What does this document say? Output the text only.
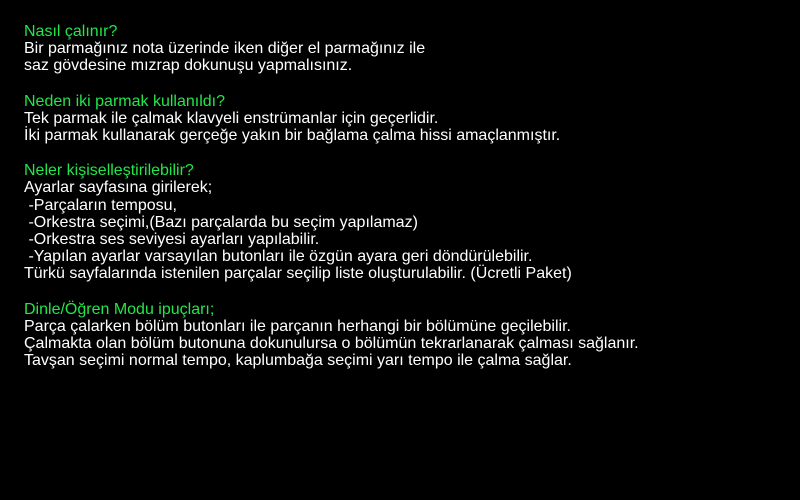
Nasıl çalınır?
Bir parmağınız nota üzerinde iken diğer el parmağınız ile
saz gövdesine mızrap dokunuşu yapmalısınız.
Neden iki parmak kullanıldı?
Tek parmak ile çalmak klavyeli enstrümanlar için geçerlidir.
İki parmak kullanarak gerçeğe yakın bir bağlama çalma hissi amaçlanmıştır.
Neler kişiselleştirilebilir?
Ayarlar sayfasına girilerek;
-Parçaların temposu,
-Orkestra seçimi,(Bazı parçalarda bu seçim yapılamaz)
-Orkestra ses seviyesi ayarları yapılabilir.
-Yapılan ayarlar varsayılan butonları ile özgün ayara geri döndürülebilir.
Türkü sayfalarında istenilen parçalar seçilip liste oluşturulabilir. (Ücretli Paket)
Dinle/Öğren Modu ipuçları;
Parça çalarken bölüm butonları ile parçanın herhangi bir bölümüne geçilebilir.
Çalmakta olan bölüm butonuna dokunulursa o bölümün tekrarlanarak çalması sağlanır.
Tavşan seçimi normal tempo, kaplumbağa seçimi yarı tempo ile çalma sağlar.
